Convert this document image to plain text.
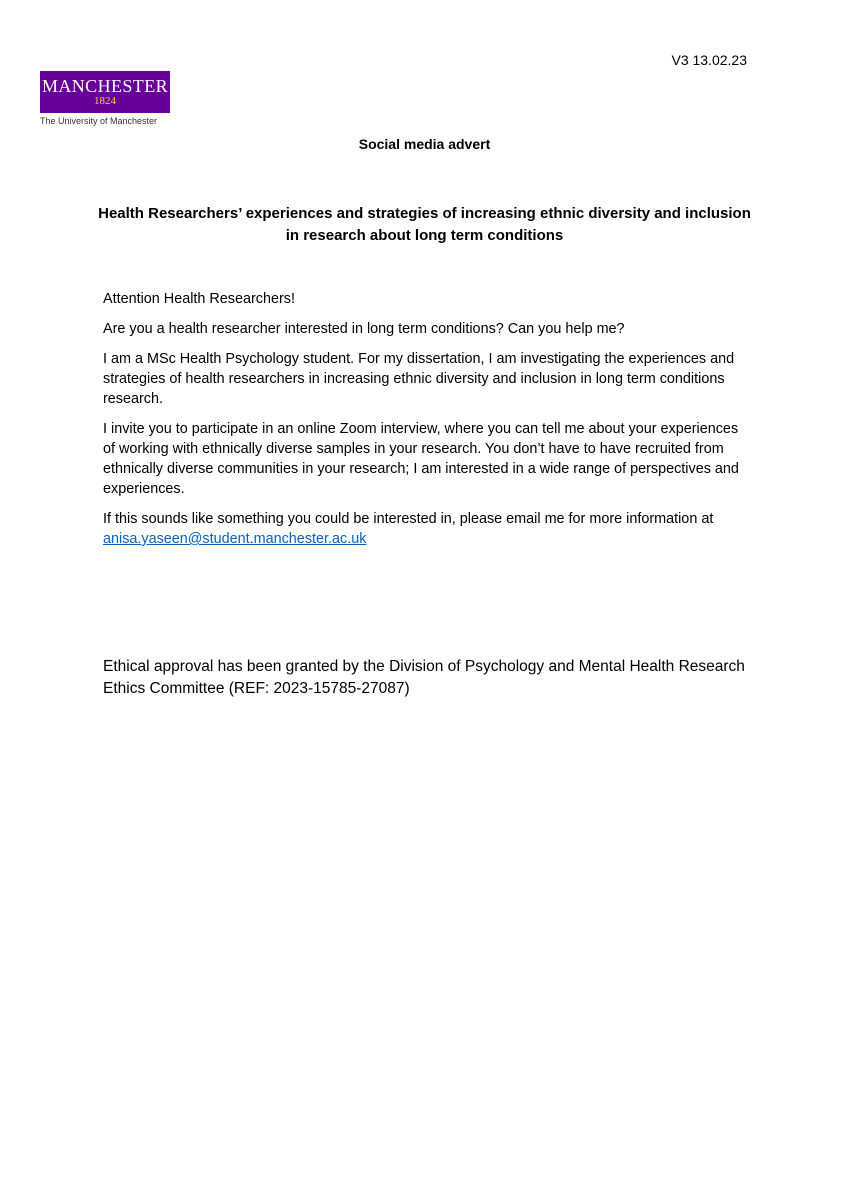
V3 13.02.23
MANCHESTER
1824
The University of Manchester
Social media advert
Health Researchers’ experiences and strategies of increasing ethnic diversity and inclusion in research about long term conditions

Attention Health Researchers!

Are you a health researcher interested in long term conditions? Can you help me?

I am a MSc Health Psychology student. For my dissertation, I am investigating the experiences and strategies of health researchers in increasing ethnic diversity and inclusion in long term conditions research.

I invite you to participate in an online Zoom interview, where you can tell me about your experiences of working with ethnically diverse samples in your research. You don’t have to have recruited from ethnically diverse communities in your research; I am interested in a wide range of perspectives and experiences.

If this sounds like something you could be interested in, please email me for more information at
anisa.yaseen@student.manchester.ac.uk

Ethical approval has been granted by the Division of Psychology and Mental Health Research Ethics Committee (REF: 2023-15785-27087)
